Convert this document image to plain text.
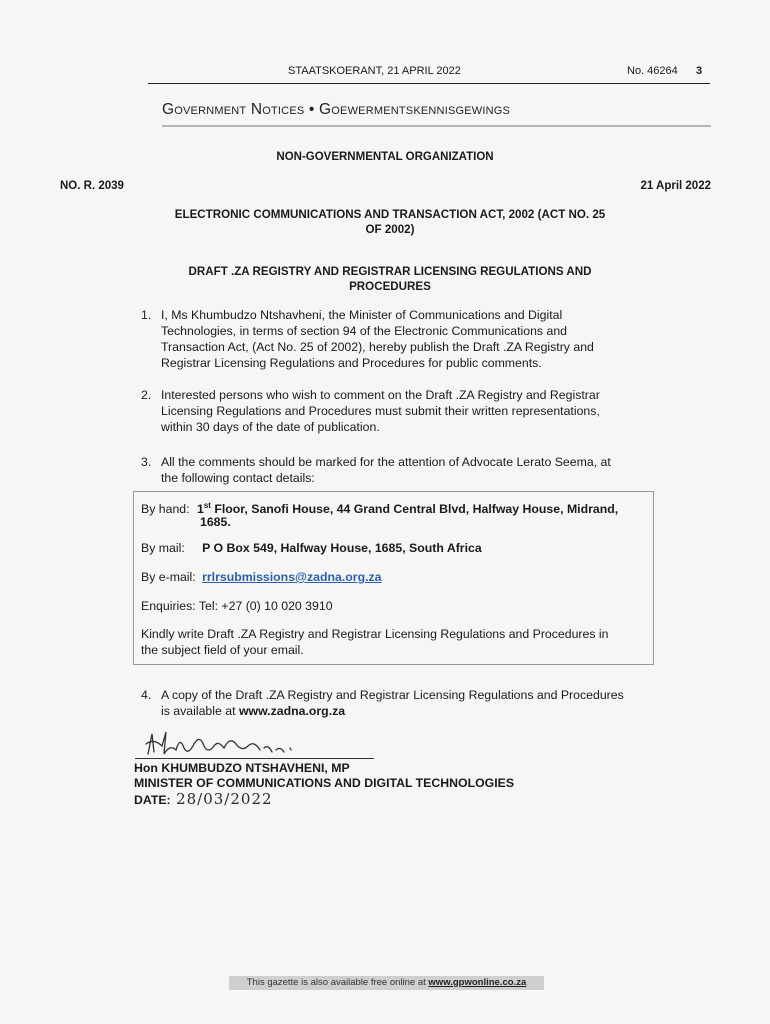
STAATSKOERANT, 21 APRIL 2022	No. 46264 3
Government Notices • Goewermentskennisgewings
NON-GOVERNMENTAL ORGANIZATION
NO. R. 2039	21 April 2022
ELECTRONIC COMMUNICATIONS AND TRANSACTION ACT, 2002 (ACT NO. 25
OF 2002)
DRAFT .ZA REGISTRY AND REGISTRAR LICENSING REGULATIONS AND
PROCEDURES
1. I, Ms Khumbudzo Ntshavheni, the Minister of Communications and Digital
Technologies, in terms of section 94 of the Electronic Communications and
Transaction Act, (Act No. 25 of 2002), hereby publish the Draft .ZA Registry and
Registrar Licensing Regulations and Procedures for public comments.
2. Interested persons who wish to comment on the Draft .ZA Registry and Registrar
Licensing Regulations and Procedures must submit their written representations,
within 30 days of the date of publication.
3. All the comments should be marked for the attention of Advocate Lerato Seema, at
the following contact details:
By hand: 1st Floor, Sanofi House, 44 Grand Central Blvd, Halfway House, Midrand,
1685.
By mail: P O Box 549, Halfway House, 1685, South Africa
By e-mail: rrlrsubmissions@zadna.org.za
Enquiries: Tel: +27 (0) 10 020 3910
Kindly write Draft .ZA Registry and Registrar Licensing Regulations and Procedures in
the subject field of your email.
4. A copy of the Draft .ZA Registry and Registrar Licensing Regulations and Procedures
is available at www.zadna.org.za
Hon KHUMBUDZO NTSHAVHENI, MP
MINISTER OF COMMUNICATIONS AND DIGITAL TECHNOLOGIES
DATE: 28/03/2022
This gazette is also available free online at www.gpwonline.co.za
